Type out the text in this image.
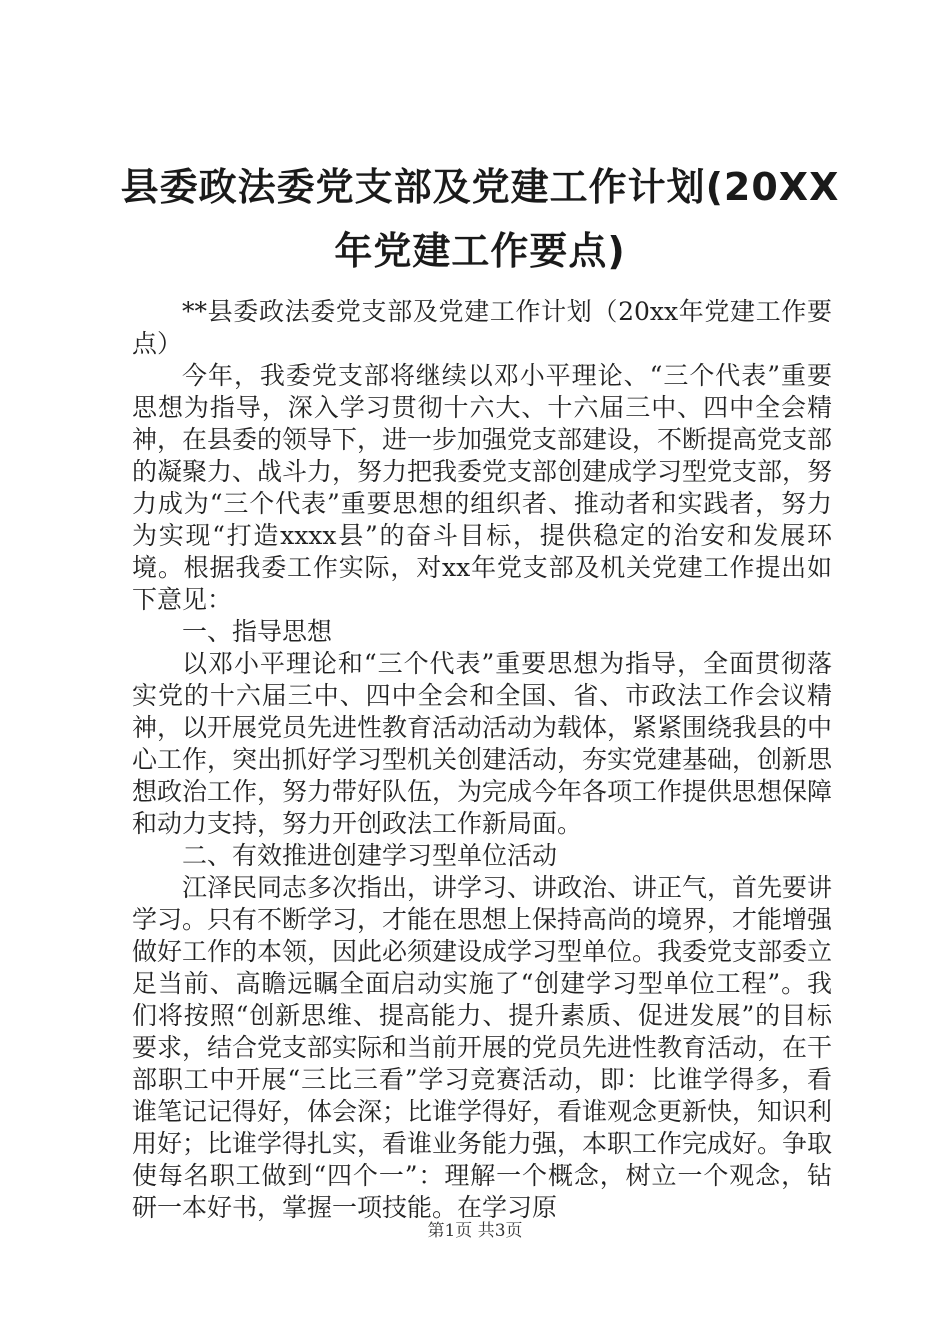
县委政法委党支部及党建工作计划(20XX年党建工作要点)

**县委政法委党支部及党建工作计划（20xx年党建工作要点）

今年，我委党支部将继续以邓小平理论、“三个代表”重要思想为指导，深入学习贯彻十六大、十六届三中、四中全会精神，在县委的领导下，进一步加强党支部建设，不断提高党支部的凝聚力、战斗力，努力把我委党支部创建成学习型党支部，努力成为“三个代表”重要思想的组织者、推动者和实践者，努力为实现“打造xxxx县”的奋斗目标，提供稳定的治安和发展环境。根据我委工作实际，对xx年党支部及机关党建工作提出如下意见：

一、指导思想

以邓小平理论和“三个代表”重要思想为指导，全面贯彻落实党的十六届三中、四中全会和全国、省、市政法工作会议精神，以开展党员先进性教育活动活动为载体，紧紧围绕我县的中心工作，突出抓好学习型机关创建活动，夯实党建基础，创新思想政治工作，努力带好队伍，为完成今年各项工作提供思想保障和动力支持，努力开创政法工作新局面。

二、有效推进创建学习型单位活动

江泽民同志多次指出，讲学习、讲政治、讲正气，首先要讲学习。只有不断学习，才能在思想上保持高尚的境界，才能增强做好工作的本领，因此必须建设成学习型单位。我委党支部委立足当前、高瞻远瞩全面启动实施了“创建学习型单位工程”。我们将按照“创新思维、提高能力、提升素质、促进发展”的目标要求，结合党支部实际和当前开展的党员先进性教育活动，在干部职工中开展“三比三看”学习竞赛活动，即：比谁学得多，看谁笔记记得好，体会深；比谁学得好，看谁观念更新快，知识利用好；比谁学得扎实，看谁业务能力强，本职工作完成好。争取使每名职工做到“四个一”：理解一个概念，树立一个观念，钻研一本好书，掌握一项技能。在学习原

第1页 共3页
